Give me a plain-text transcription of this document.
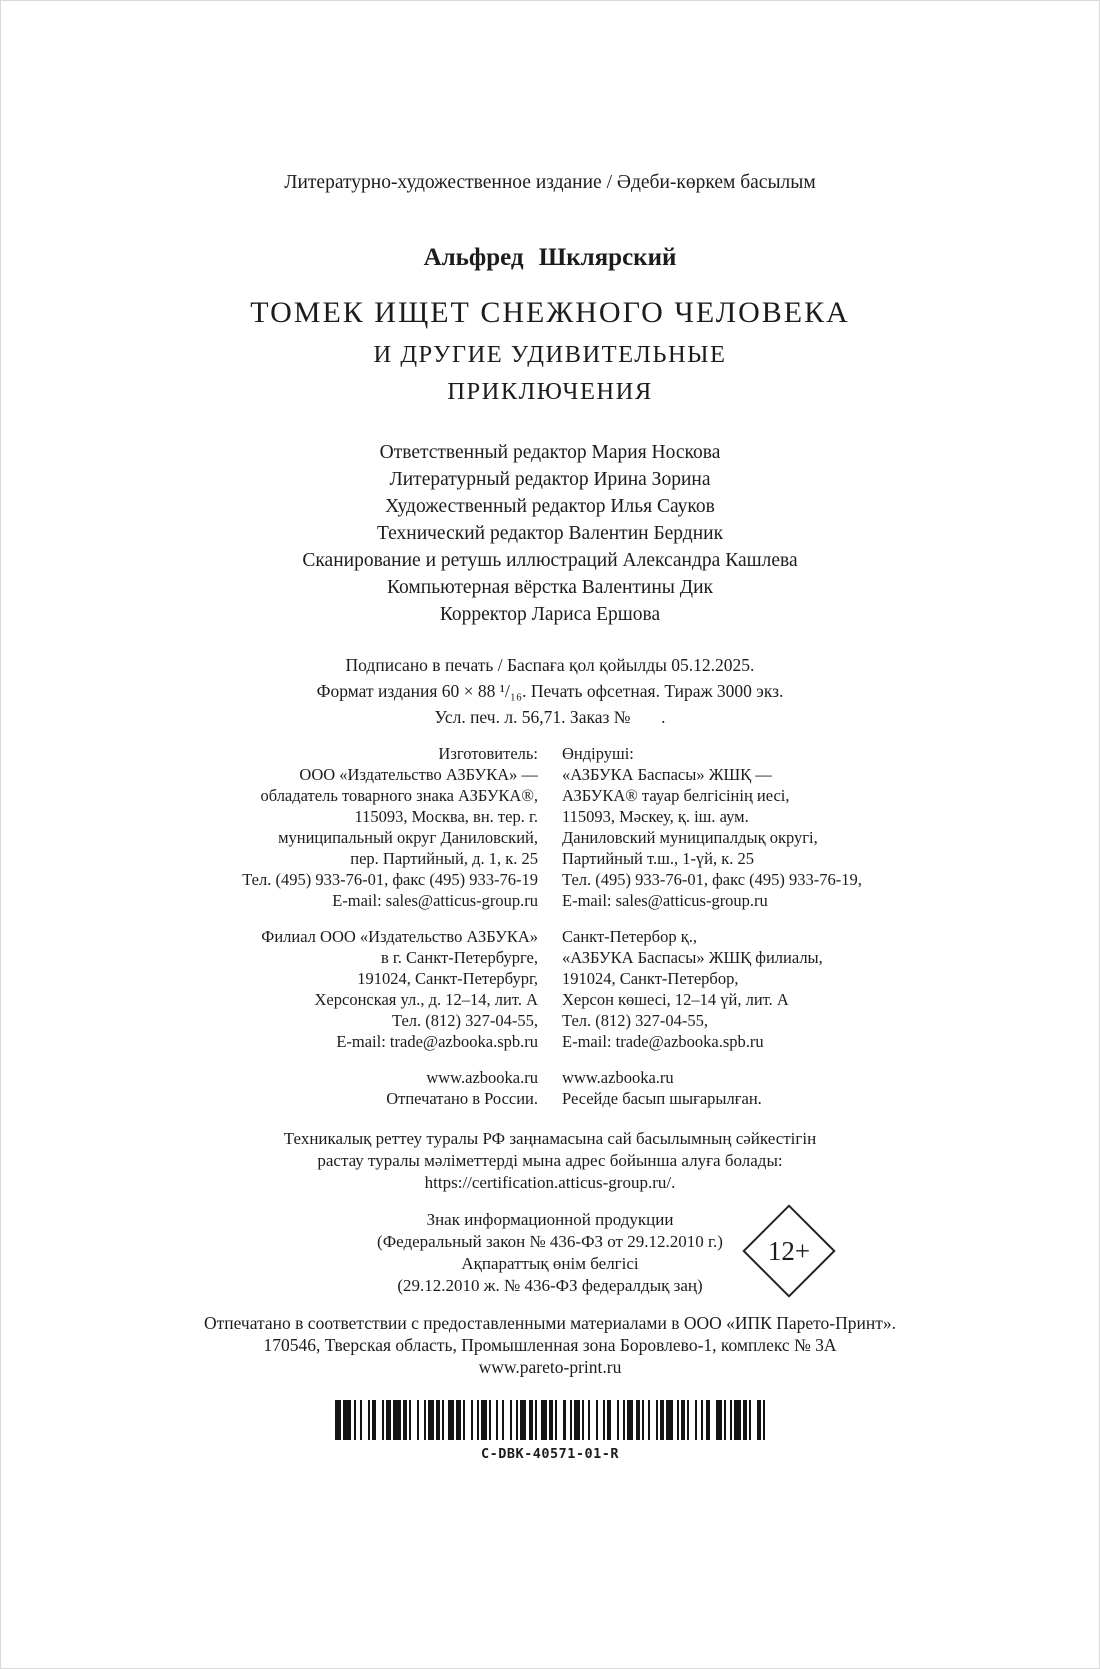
Литературно-художественное издание / Әдеби-көркем басылым
Альфред Шклярский
ТОМЕК ИЩЕТ СНЕЖНОГО ЧЕЛОВЕКА
И ДРУГИЕ УДИВИТЕЛЬНЫЕ
ПРИКЛЮЧЕНИЯ
Ответственный редактор Мария Носкова
Литературный редактор Ирина Зорина
Художественный редактор Илья Сауков
Технический редактор Валентин Бердник
Сканирование и ретушь иллюстраций Александра Кашлева
Компьютерная вёрстка Валентины Дик
Корректор Лариса Ершова
Подписано в печать / Баспаға қол қойылды 05.12.2025.
Формат издания 60 × 88 ¹/₁₆. Печать офсетная. Тираж 3000 экз.
Усл. печ. л. 56,71. Заказ №       .
Изготовитель:
ООО «Издательство АЗБУКА» —
обладатель товарного знака АЗБУКА®,
115093, Москва, вн. тер. г.
муниципальный округ Даниловский,
пер. Партийный, д. 1, к. 25
Тел. (495) 933-76-01, факс (495) 933-76-19
E-mail: sales@atticus-group.ru
Өндіруші:
«АЗБУКА Баспасы» ЖШҚ —
АЗБУКА® тауар белгісінің иесі,
115093, Мәскеу, қ. іш. аум.
Даниловский муниципалдық округі,
Партийный т.ш., 1-үй, к. 25
Тел. (495) 933-76-01, факс (495) 933-76-19,
E-mail: sales@atticus-group.ru
Филиал ООО «Издательство АЗБУКА»
в г. Санкт-Петербурге,
191024, Санкт-Петербург,
Херсонская ул., д. 12–14, лит. А
Тел. (812) 327-04-55,
E-mail: trade@azbooka.spb.ru
Санкт-Петербор қ.,
«АЗБУКА Баспасы» ЖШҚ филиалы,
191024, Санкт-Петербор,
Херсон көшесі, 12–14 үй, лит. А
Тел. (812) 327-04-55,
E-mail: trade@azbooka.spb.ru
www.azbooka.ru
Отпечатано в России.
www.azbooka.ru
Ресейде басып шығарылған.
Техникалық реттеу туралы РФ заңнамасына сай басылымның сәйкестігін
растау туралы мәліметтерді мына адрес бойынша алуға болады:
https://certification.atticus-group.ru/.
Знак информационной продукции
(Федеральный закон № 436-ФЗ от 29.12.2010 г.)
Ақпараттық өнім белгісі
(29.12.2010 ж. № 436-ФЗ федералдық заң)
12+
Отпечатано в соответствии с предоставленными материалами в ООО «ИПК Парето-Принт».
170546, Тверская область, Промышленная зона Боровлево-1, комплекс № 3А
www.pareto-print.ru
C-DBK-40571-01-R
